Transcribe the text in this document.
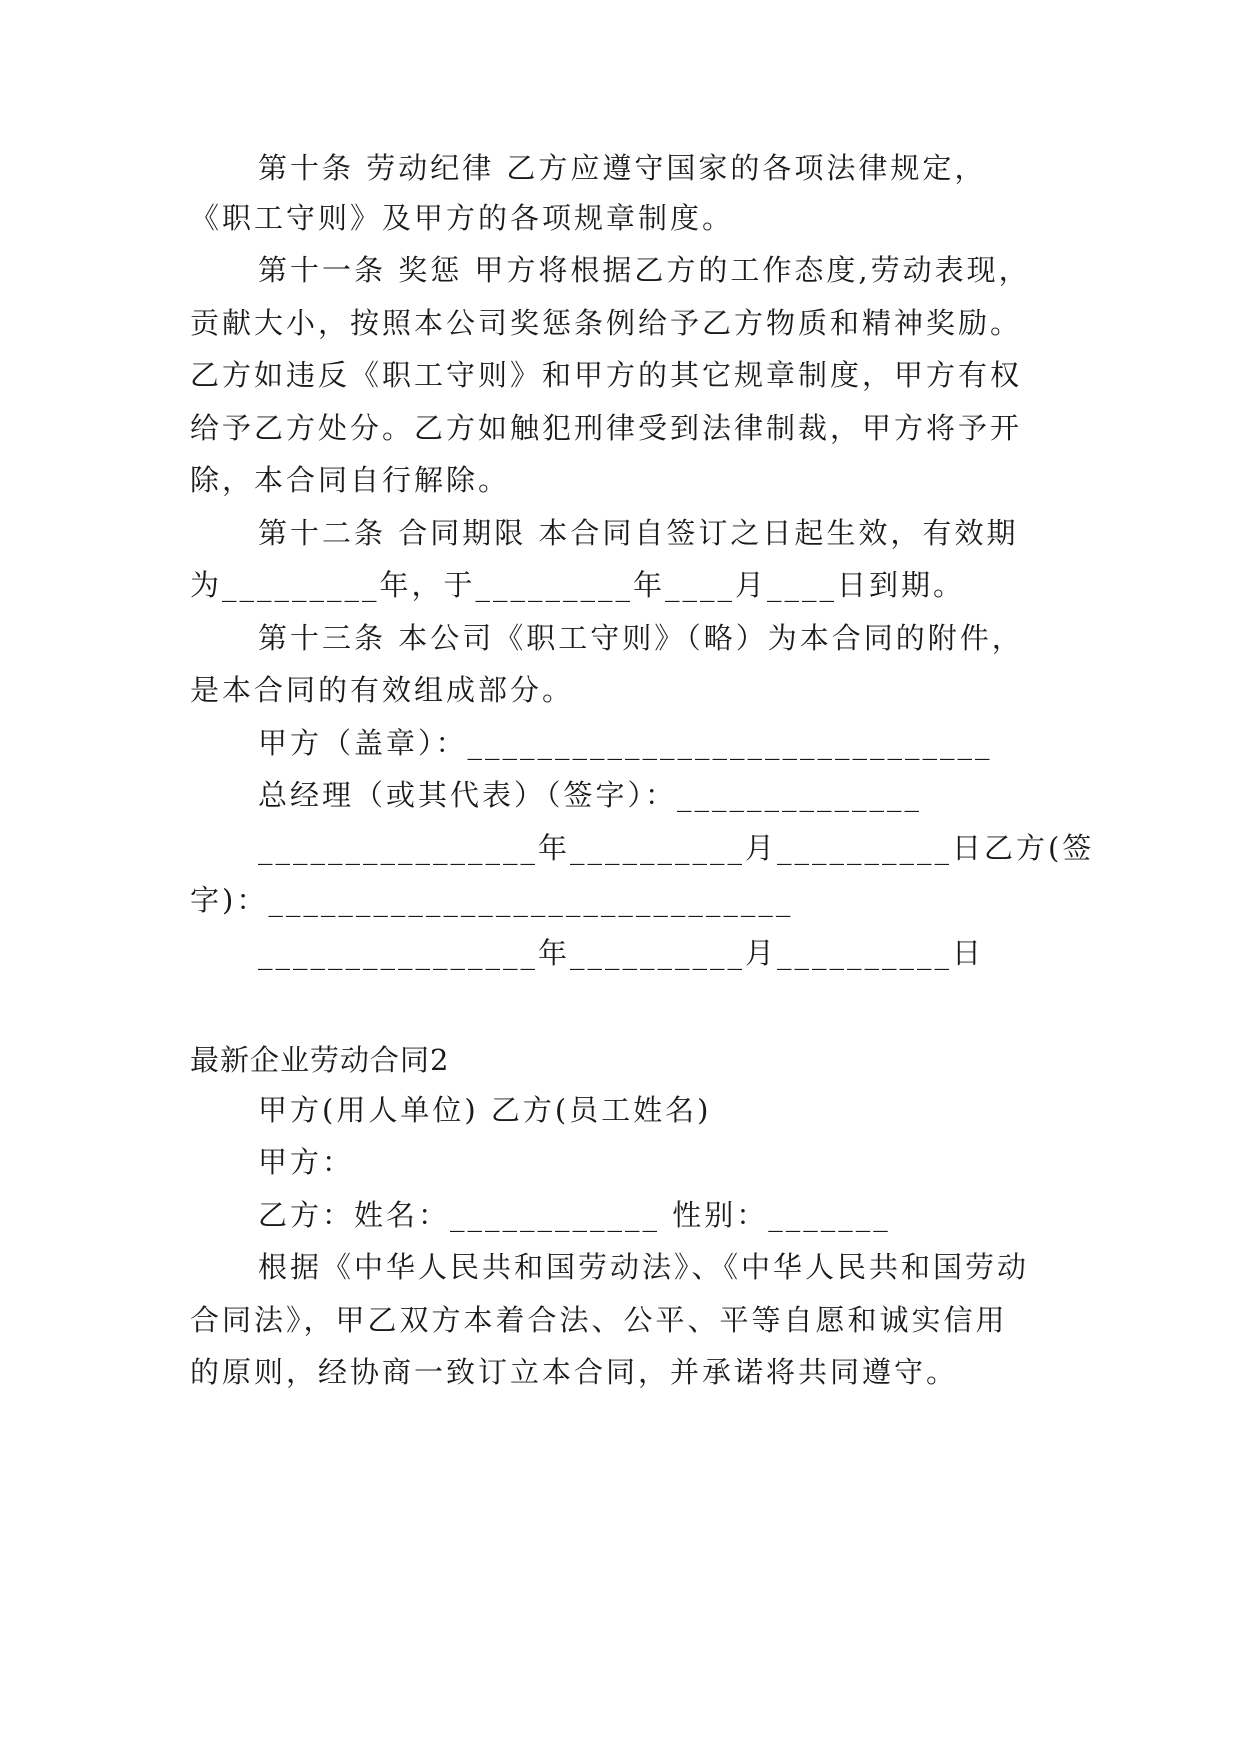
第十条 劳动纪律 乙方应遵守国家的各项法律规定，
《职工守则》及甲方的各项规章制度。
第十一条 奖惩 甲方将根据乙方的工作态度,劳动表现，
贡献大小，按照本公司奖惩条例给予乙方物质和精神奖励。
乙方如违反《职工守则》和甲方的其它规章制度，甲方有权
给予乙方处分。乙方如触犯刑律受到法律制裁，甲方将予开
除，本合同自行解除。
第十二条 合同期限 本合同自签订之日起生效，有效期
为_________年，于_________年____月____日到期。
第十三条 本公司《职工守则》（略）为本合同的附件，
是本合同的有效组成部分。
甲方（盖章）：______________________________
总经理（或其代表）（签字）：______________
________________年__________月__________日乙方(签
字)：______________________________
________________年__________月__________日
最新企业劳动合同2
甲方(用人单位) 乙方(员工姓名)
甲方：
乙方：姓名：____________ 性别：_______
根据《中华人民共和国劳动法》、《中华人民共和国劳动
合同法》，甲乙双方本着合法、公平、平等自愿和诚实信用
的原则，经协商一致订立本合同，并承诺将共同遵守。
